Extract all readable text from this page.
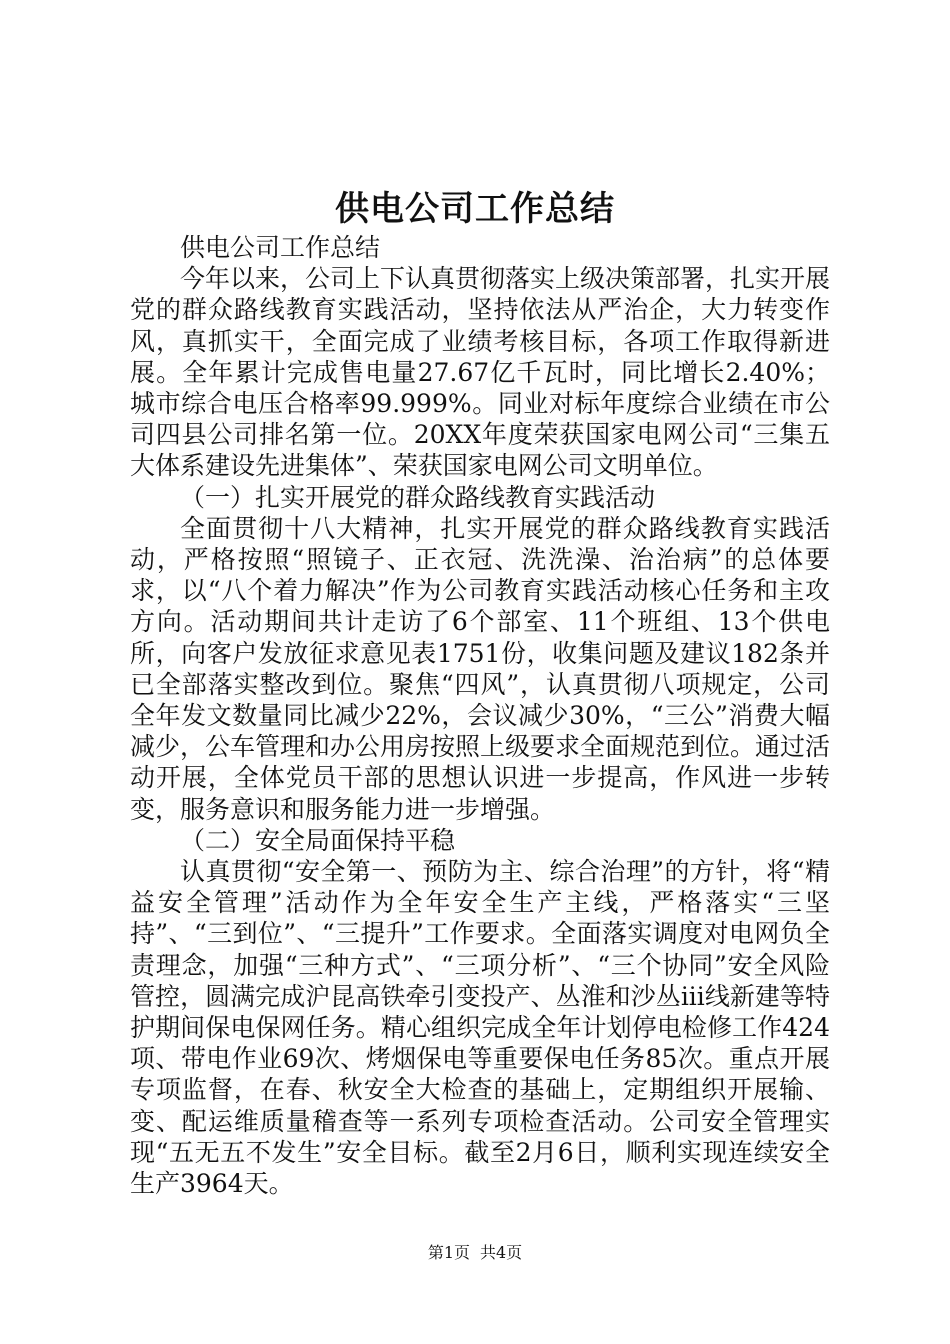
供电公司工作总结

供电公司工作总结

今年以来，公司上下认真贯彻落实上级决策部署，扎实开展党的群众路线教育实践活动，坚持依法从严治企，大力转变作风，真抓实干，全面完成了业绩考核目标，各项工作取得新进展。全年累计完成售电量27.67亿千瓦时，同比增长2.40%；城市综合电压合格率99.999%。同业对标年度综合业绩在市公司四县公司排名第一位。20XX年度荣获国家电网公司“三集五大体系建设先进集体”、荣获国家电网公司文明单位。

（一）扎实开展党的群众路线教育实践活动

全面贯彻十八大精神，扎实开展党的群众路线教育实践活动，严格按照“照镜子、正衣冠、洗洗澡、治治病”的总体要求，以“八个着力解决”作为公司教育实践活动核心任务和主攻方向。活动期间共计走访了6个部室、11个班组、13个供电所，向客户发放征求意见表1751份，收集问题及建议182条并已全部落实整改到位。聚焦“四风”，认真贯彻八项规定，公司全年发文数量同比减少22%，会议减少30%，“三公”消费大幅减少，公车管理和办公用房按照上级要求全面规范到位。通过活动开展，全体党员干部的思想认识进一步提高，作风进一步转变，服务意识和服务能力进一步增强。

（二）安全局面保持平稳

认真贯彻“安全第一、预防为主、综合治理”的方针，将“精益安全管理”活动作为全年安全生产主线，严格落实“三坚持”、“三到位”、“三提升”工作要求。全面落实调度对电网负全责理念，加强“三种方式”、“三项分析”、“三个协同”安全风险管控，圆满完成沪昆高铁牵引变投产、丛淮和沙丛iii线新建等特护期间保电保网任务。精心组织完成全年计划停电检修工作424项、带电作业69次、烤烟保电等重要保电任务85次。重点开展专项监督，在春、秋安全大检查的基础上，定期组织开展输、变、配运维质量稽查等一系列专项检查活动。公司安全管理实现“五无五不发生”安全目标。截至2月6日，顺利实现连续安全生产3964天。

第1页 共4页
